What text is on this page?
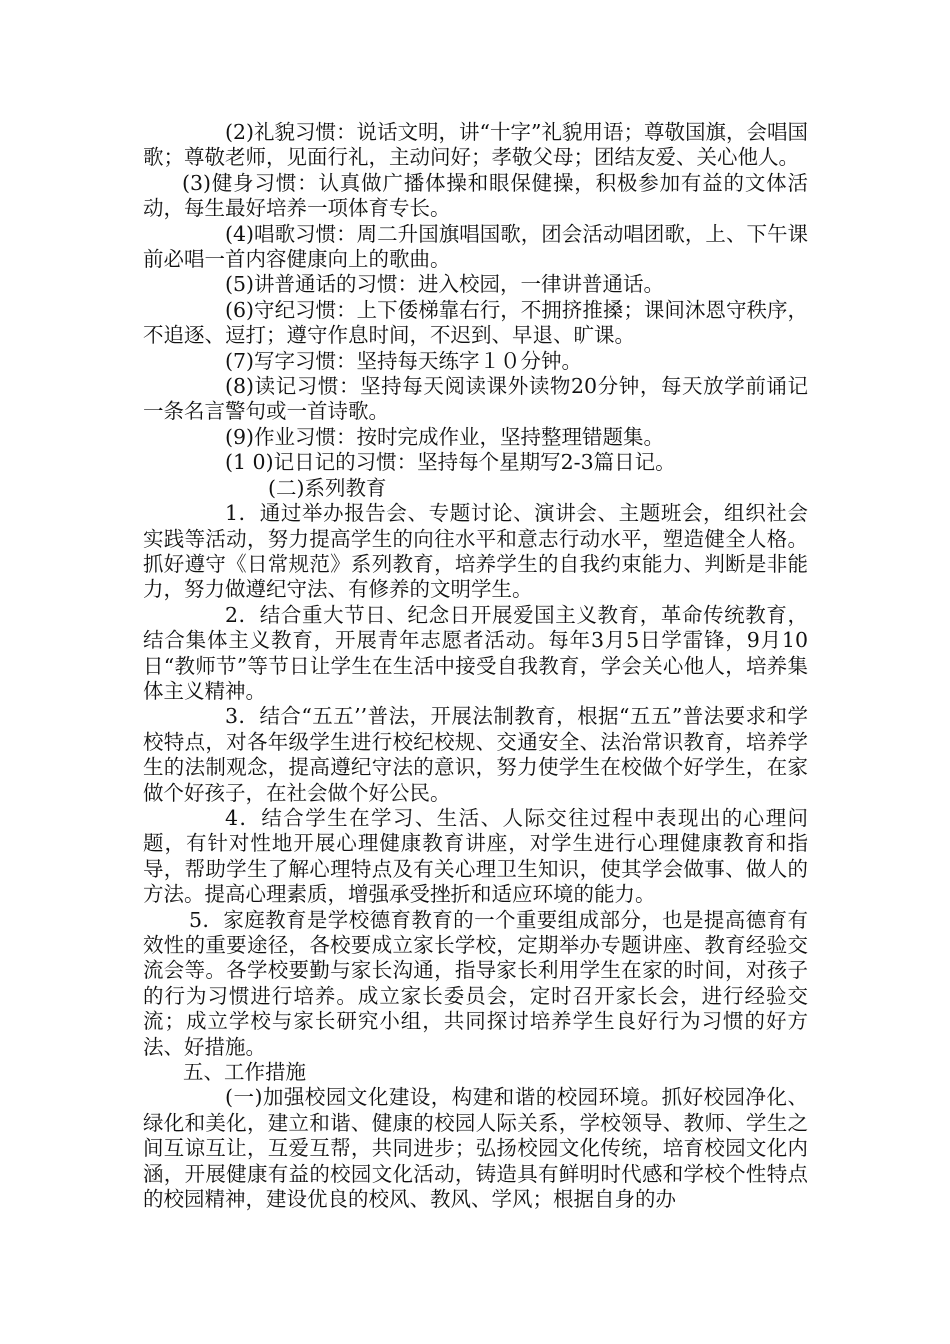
(2)礼貌习惯：说话文明，讲“十字”礼貌用语；尊敬国旗，会唱国歌；尊敬老师，见面行礼，主动问好；孝敬父母；团结友爱、关心他人。

(3)健身习惯：认真做广播体操和眼保健操，积极参加有益的文体活动，每生最好培养一项体育专长。

(4)唱歌习惯：周二升国旗唱国歌，团会活动唱团歌，上、下午课前必唱一首内容健康向上的歌曲。

(5)讲普通话的习惯：进入校园，一律讲普通话。

(6)守纪习惯：上下倭梯靠右行，不拥挤推搡；课间沐恩守秩序，不追逐、逗打；遵守作息时间，不迟到、早退、旷课。

(7)写字习惯：坚持每天练字１０分钟。

(8)读记习惯：坚持每天阅读课外读物20分钟，每天放学前诵记一条名言警句或一首诗歌。

(9)作业习惯：按时完成作业，坚持整理错题集。

(1 0)记日记的习惯：坚持每个星期写2-3篇日记。

(二)系列教育

1．通过举办报告会、专题讨论、演讲会、主题班会，组织社会实践等活动，努力提高学生的向往水平和意志行动水平，塑造健全人格。抓好遵守《日常规范》系列教育，培养学生的自我约束能力、判断是非能力，努力做遵纪守法、有修养的文明学生。

2．结合重大节日、纪念日开展爱国主义教育，革命传统教育，结合集体主义教育，开展青年志愿者活动。每年3月5日学雷锋，9月10日“教师节”等节日让学生在生活中接受自我教育，学会关心他人，培养集体主义精神。

3．结合“五五’’普法，开展法制教育，根据“五五”普法要求和学校特点，对各年级学生进行校纪校规、交通安全、法治常识教育，培养学生的法制观念，提高遵纪守法的意识，努力使学生在校做个好学生，在家做个好孩子，在社会做个好公民。

4．结合学生在学习、生活、人际交往过程中表现出的心理问题，有针对性地开展心理健康教育讲座，对学生进行心理健康教育和指导，帮助学生了解心理特点及有关心理卫生知识，使其学会做事、做人的方法。提高心理素质，增强承受挫折和适应环境的能力。

5．家庭教育是学校德育教育的一个重要组成部分，也是提高德育有效性的重要途径，各校要成立家长学校，定期举办专题讲座、教育经验交流会等。各学校要勤与家长沟通，指导家长利用学生在家的时间，对孩子的行为习惯进行培养。成立家长委员会，定时召开家长会，进行经验交流；成立学校与家长研究小组，共同探讨培养学生良好行为习惯的好方法、好措施。

五、工作措施

(一)加强校园文化建设，构建和谐的校园环境。抓好校园净化、绿化和美化，建立和谐、健康的校园人际关系，学校领导、教师、学生之间互谅互让，互爱互帮，共同进步；弘扬校园文化传统，培育校园文化内涵，开展健康有益的校园文化活动，铸造具有鲜明时代感和学校个性特点的校园精神，建设优良的校风、教风、学风；根据自身的办
